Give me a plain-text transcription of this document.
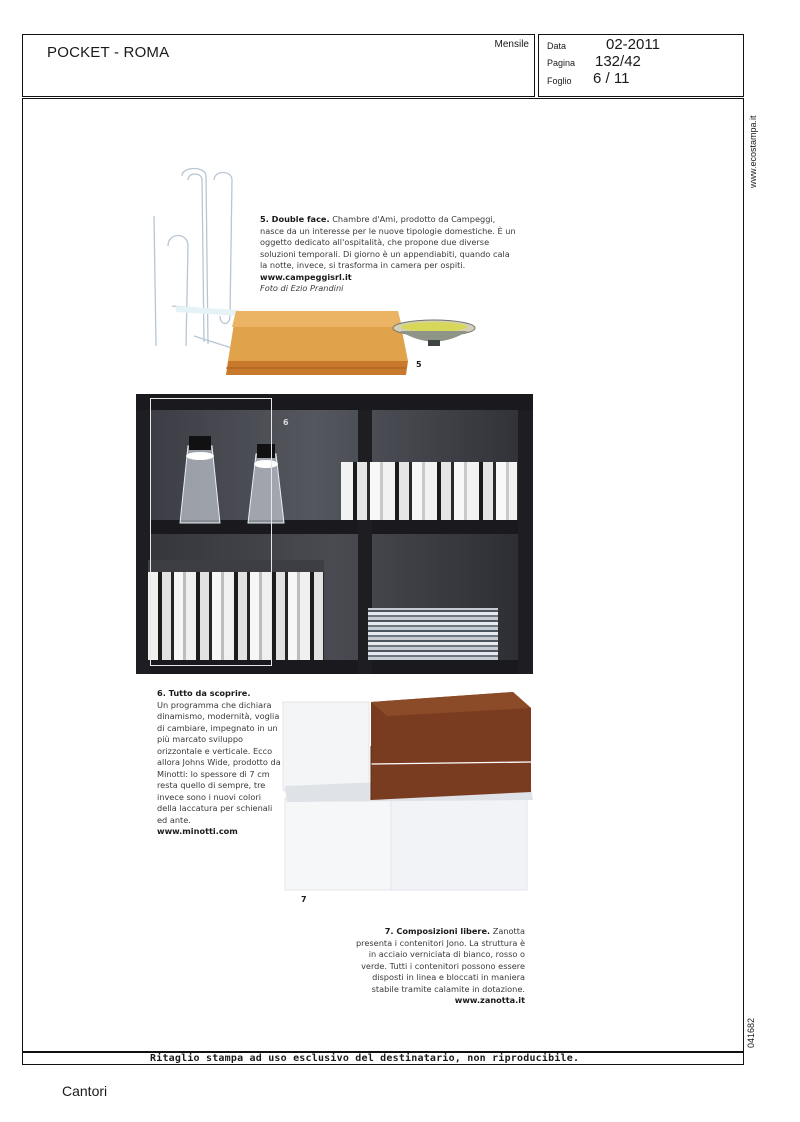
POCKET - ROMA	Mensile Data	02-2011
Pagina 132/42
Foglio 6 / 11
www.ecostampa.it
041682
5. Double face. Chambre d'Ami, prodotto da Campeggi, nasce da un interesse per le nuove tipologie domestiche. È un oggetto dedicato all'ospitalità, che propone due diverse soluzioni temporali. Di giorno è un appendiabiti, quando cala la notte, invece, si trasforma in camera per ospiti.
www.campeggisrl.it
Foto di Ezio Prandini
5
6
6. Tutto da scoprire.
Un programma che dichiara dinamismo, modernità, voglia di cambiare, impegnato in un più marcato sviluppo orizzontale e verticale. Ecco allora Johns Wide, prodotto da Minotti: lo spessore di 7 cm resta quello di sempre, tre invece sono i nuovi colori della laccatura per schienali ed ante.
www.minotti.com
7
7. Composizioni libere. Zanotta presenta i contenitori Jono. La struttura è in acciaio verniciata di bianco, rosso o verde. Tutti i contenitori possono essere disposti in linea e bloccati in maniera stabile tramite calamite in dotazione. www.zanotta.it
Ritaglio stampa ad uso esclusivo del destinatario, non riproducibile.
Cantori
